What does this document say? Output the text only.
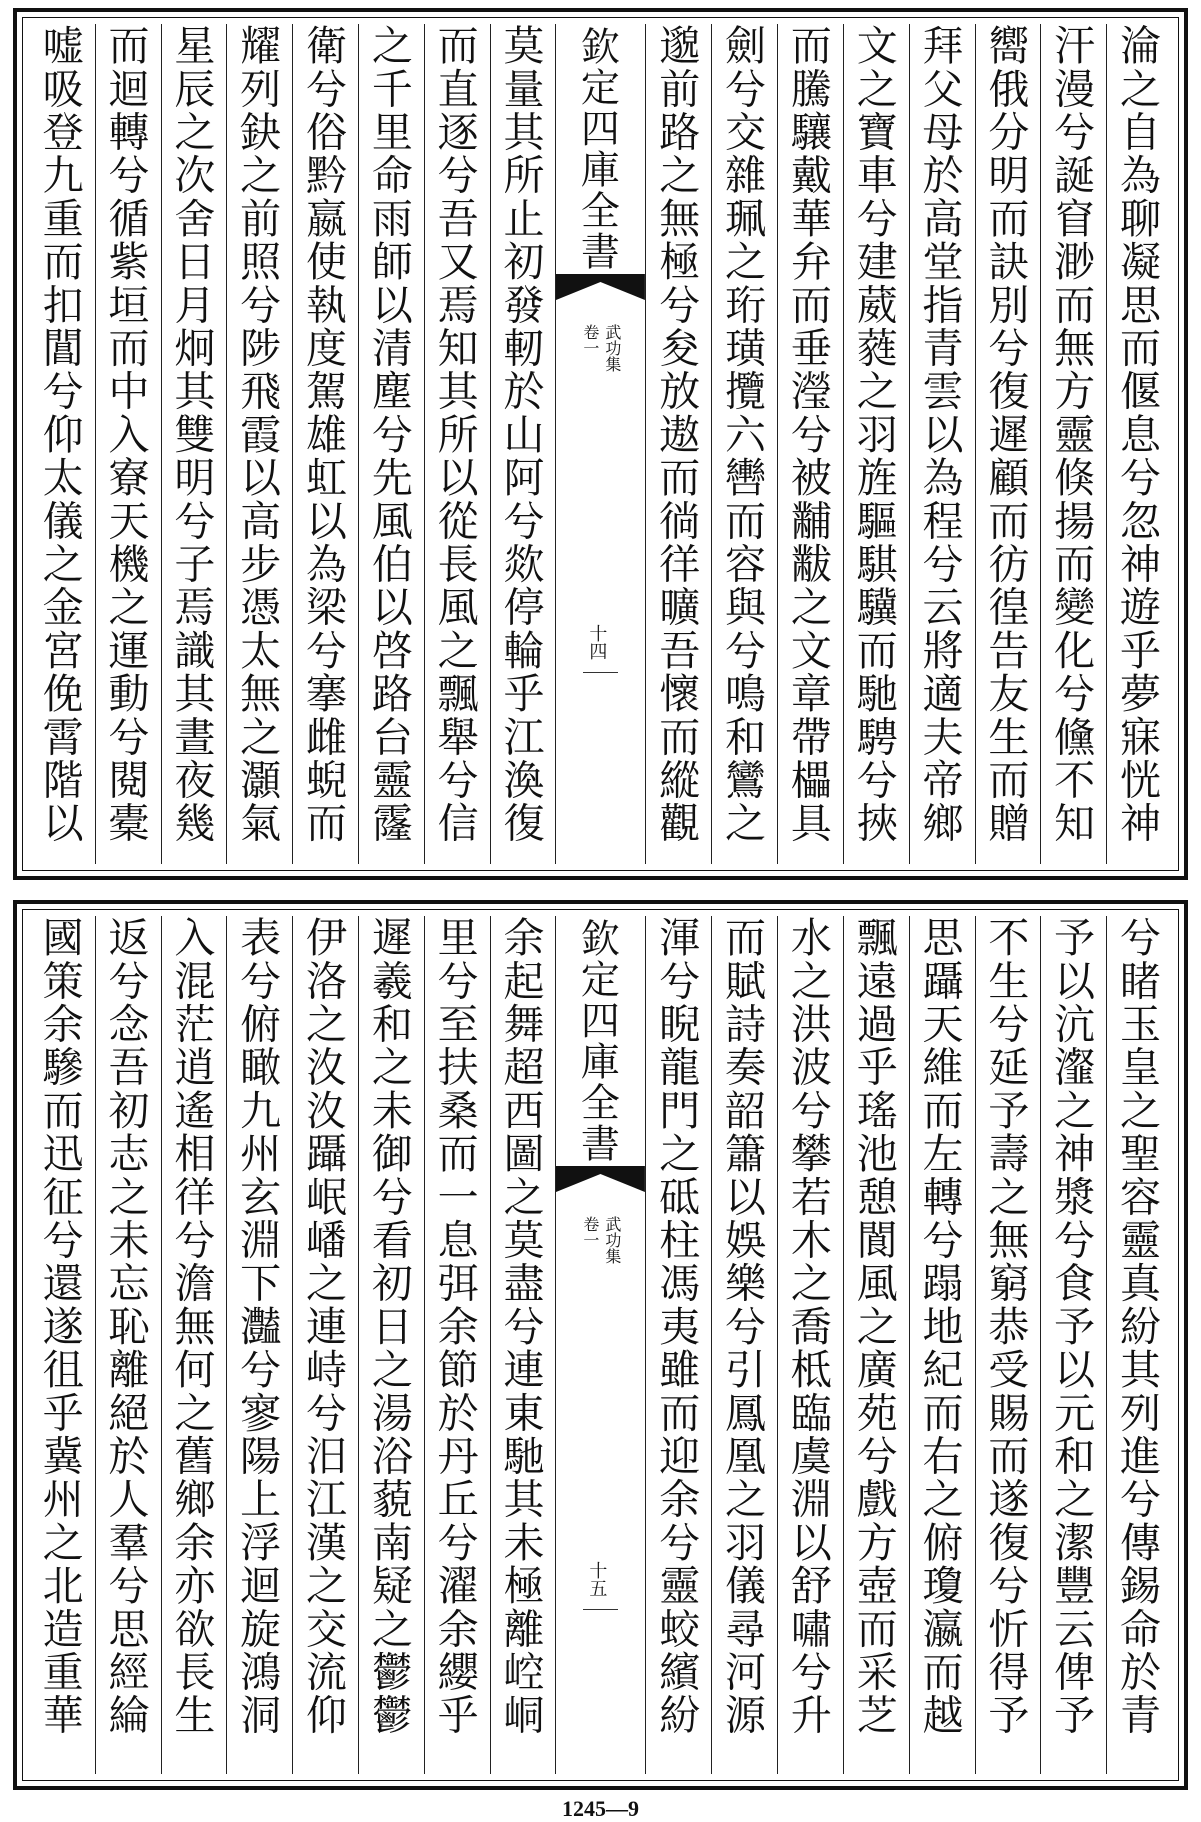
淪之自為聊凝思而偃息兮忽神遊乎夢寐恍神
汗漫兮誕窅渺而無方靈倏揚而變化兮儵不知
嚮俄分明而訣別兮復遲顧而彷徨告友生而贈
拜父母於高堂指青雲以為程兮云將適夫帝鄉
文之寶車兮建葳蕤之羽旌驅騏驥而馳騁兮挾
而騰驤戴華弁而垂瀅兮被黼黻之文章帶櫑具
劍兮交雜珮之珩璜攬六轡而容與兮鳴和鸞之
邈前路之無極兮夋放遨而徜徉曠吾懷而縱觀
欽定四庫全書
武功集
卷一
十四
莫量其所止初發軔於山阿兮欻停輪乎江渙復
而直逐兮吾又焉知其所以從長風之飄舉兮信
之千里命雨師以清塵兮先風伯以啓路台靈霳
衛兮俗黔嬴使執度駕雄虹以為梁兮搴雌蜺而
耀列鈌之前照兮陟飛霞以高步憑太無之灝氣
星辰之次舍日月炯其雙明兮子焉識其晝夜幾
而迴轉兮循紫垣而中入寮天機之運動兮閱橐
嘘吸登九重而扣閶兮仰太儀之金宮俛霄階以
兮睹玉皇之聖容靈真紛其列進兮傳錫命於青
予以沆瀣之神漿兮食予以元和之潔豐云俾予
不生兮延予壽之無窮恭受賜而遂復兮忻得予
思躡天維而左轉兮蹋地紀而右之俯瓊瀛而越
飄遠過乎瑤池憩閬風之廣苑兮戲方壺而采芝
水之洪波兮攀若木之喬柢臨虞淵以舒嘯兮升
而賦詩奏韶簫以娛樂兮引鳳凰之羽儀尋河源
渾兮睨龍門之砥柱馮夷雖而迎余兮靈蛟繽紛
欽定四庫全書
武功集
卷一
十五
余起舞超西圖之莫盡兮連東馳其未極離崆峒
里兮至扶桑而一息弭余節於丹丘兮濯余纓乎
遲羲和之未御兮看初日之湯浴藐南疑之鬱鬱
伊洛之汷汷躡岷嶓之連峙兮汨江漢之交流仰
表兮俯瞰九州玄淵下灎兮寥陽上浮迴旋鴻洞
入混茫逍遙相徉兮澹無何之舊鄉余亦欲長生
返兮念吾初志之未忘恥離絕於人羣兮思經綸
國策余驂而迅征兮還遂徂乎冀州之北造重華
1245—9
